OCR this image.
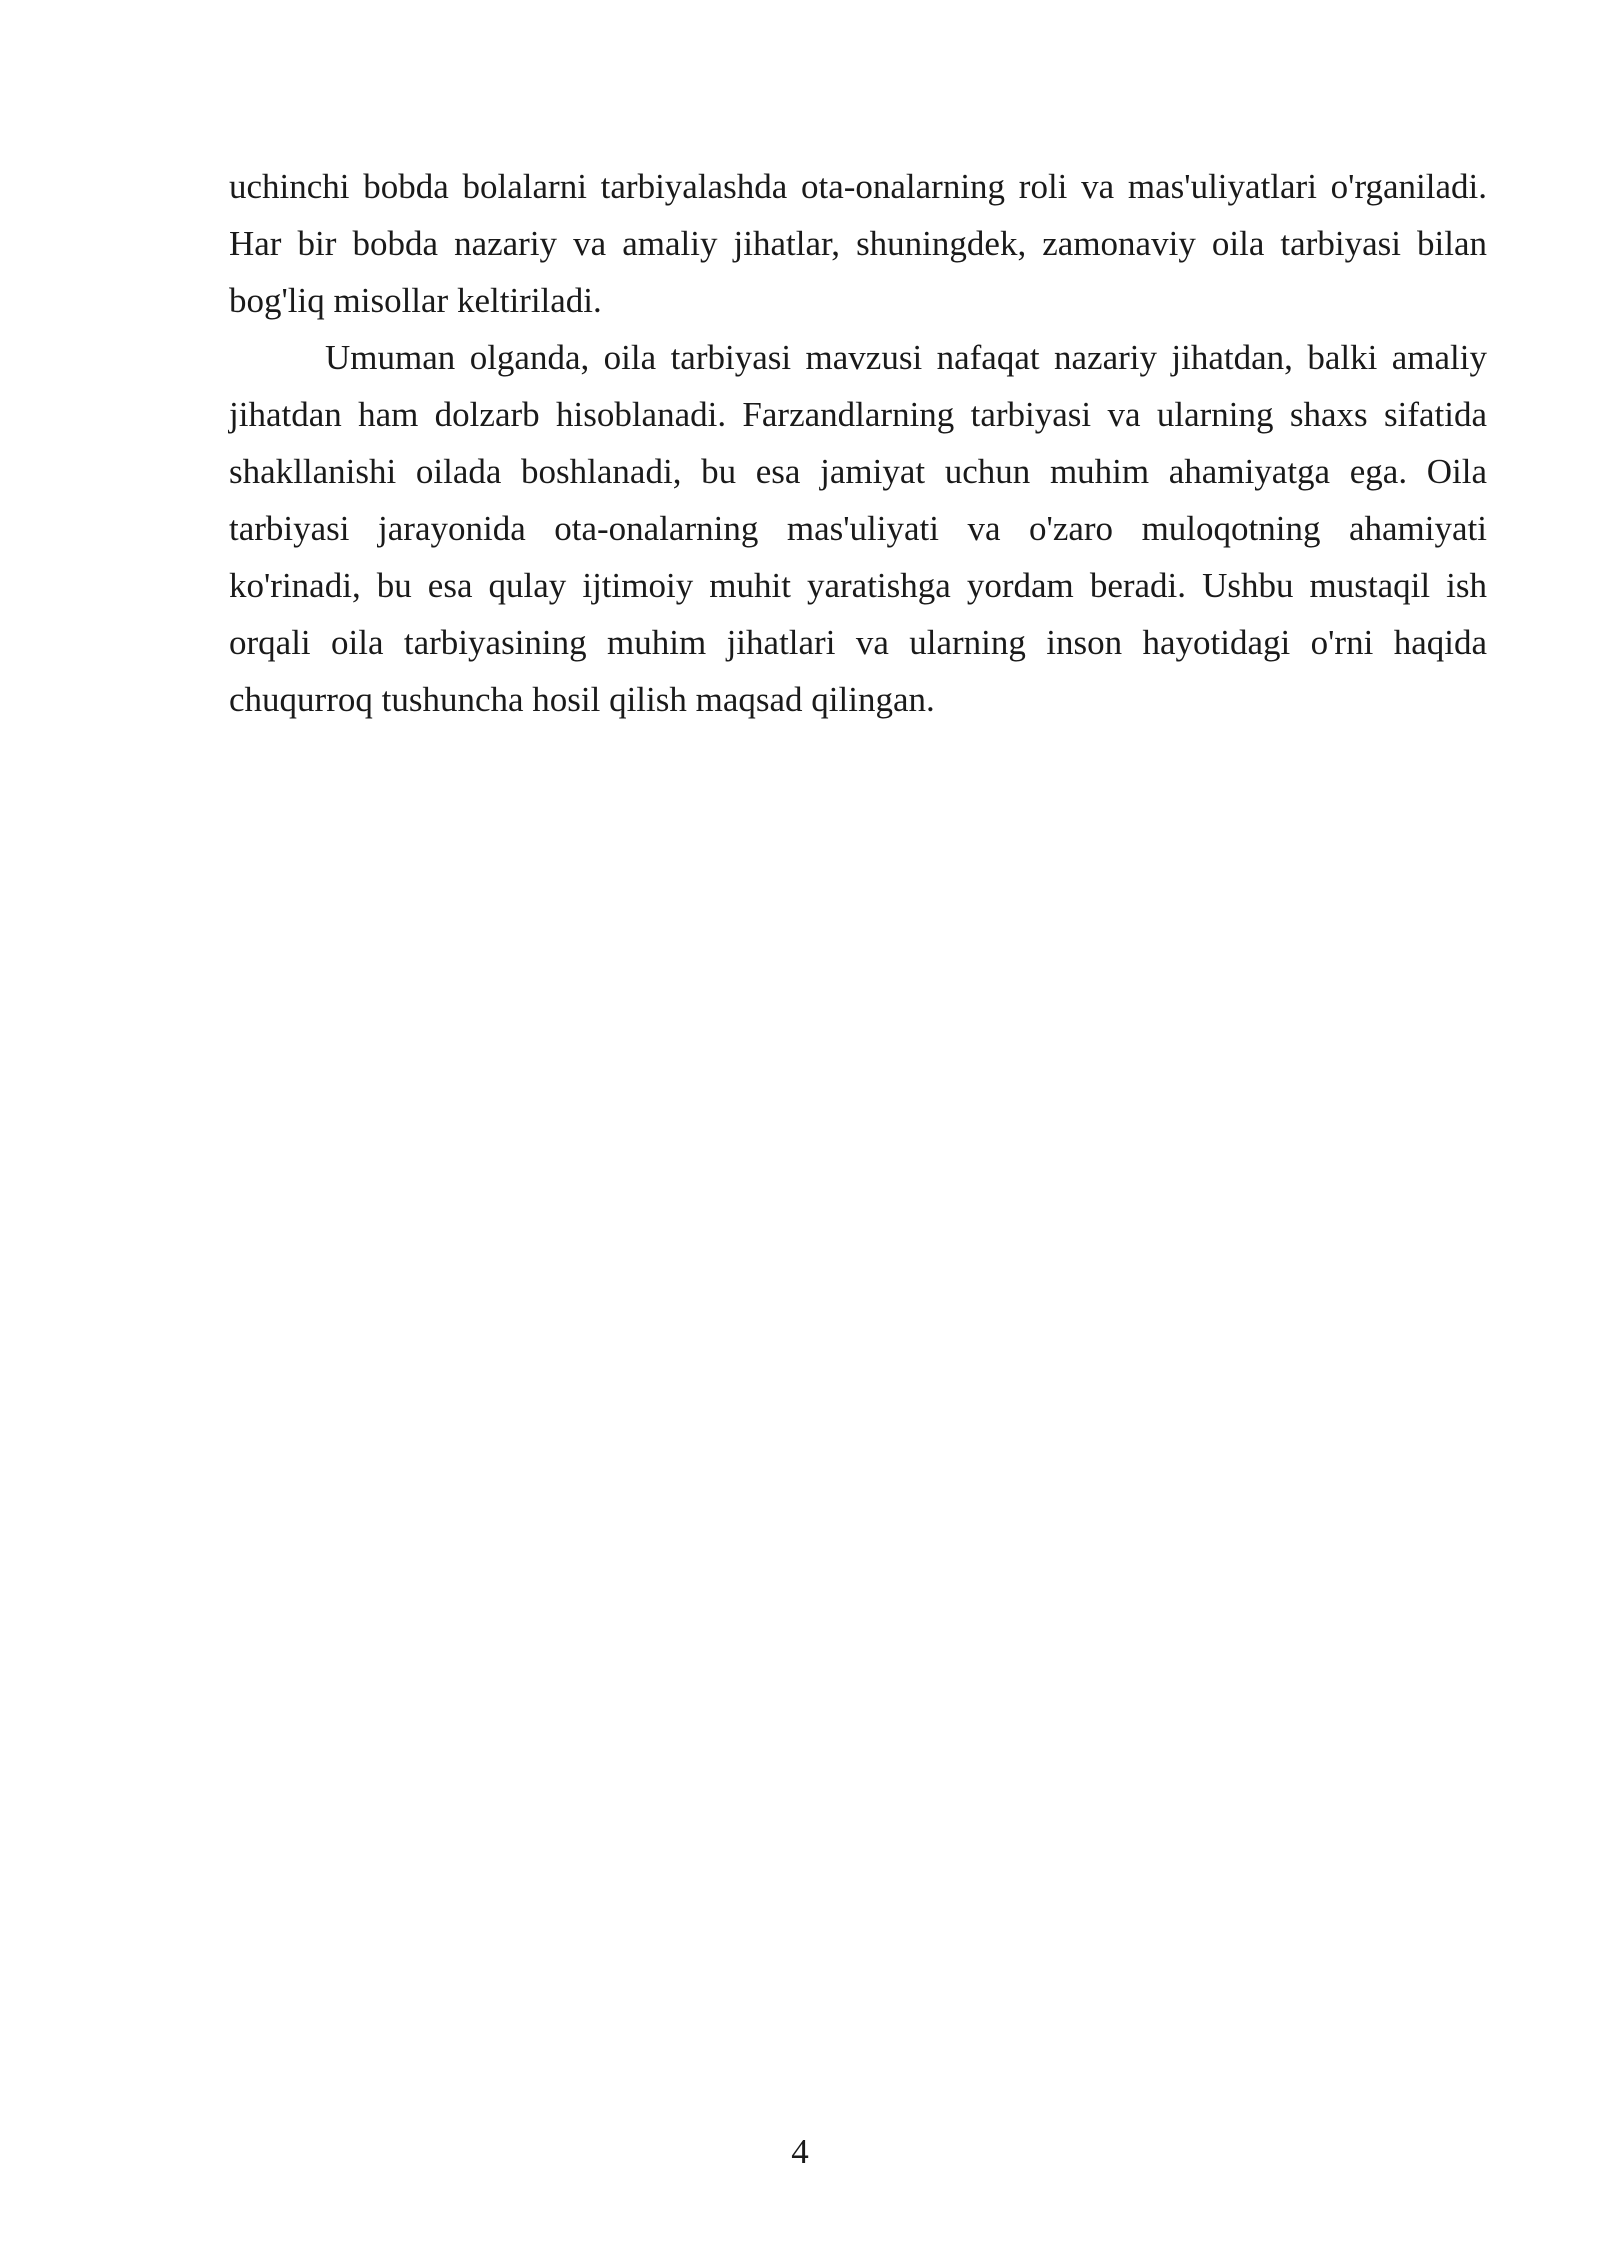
uchinchi bobda bolalarni tarbiyalashda ota-onalarning roli va mas'uliyatlari o'rganiladi. Har bir bobda nazariy va amaliy jihatlar, shuningdek, zamonaviy oila tarbiyasi bilan bog'liq misollar keltiriladi.

Umuman olganda, oila tarbiyasi mavzusi nafaqat nazariy jihatdan, balki amaliy jihatdan ham dolzarb hisoblanadi. Farzandlarning tarbiyasi va ularning shaxs sifatida shakllanishi oilada boshlanadi, bu esa jamiyat uchun muhim ahamiyatga ega. Oila tarbiyasi jarayonida ota-onalarning mas'uliyati va o'zaro muloqotning ahamiyati ko'rinadi, bu esa qulay ijtimoiy muhit yaratishga yordam beradi. Ushbu mustaqil ish orqali oila tarbiyasining muhim jihatlari va ularning inson hayotidagi o'rni haqida chuqurroq tushuncha hosil qilish maqsad qilingan.

4
